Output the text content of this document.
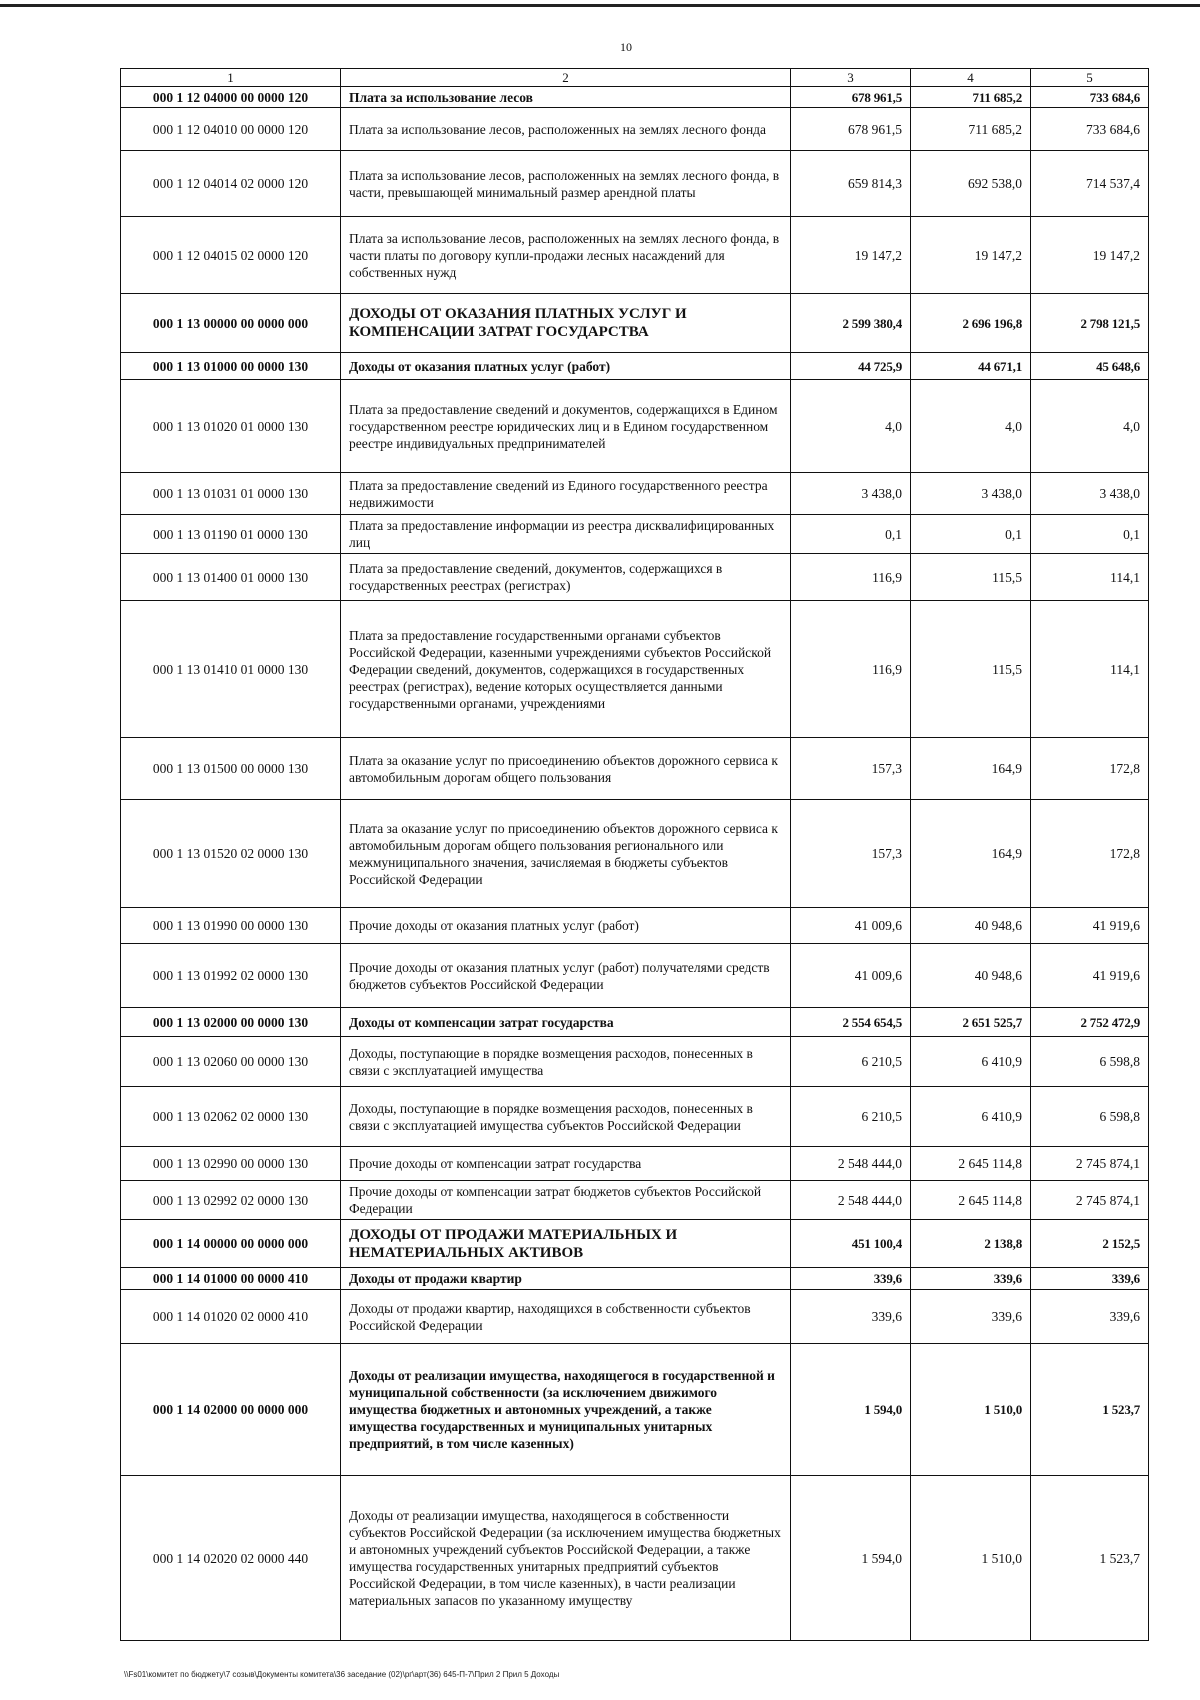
10
1	2	3	4	5
000 1 12 04000 00 0000 120	Плата за использование лесов	678 961,5	711 685,2	733 684,6
000 1 12 04010 00 0000 120	Плата за использование лесов, расположенных на землях лесного фонда	678 961,5	711 685,2	733 684,6
000 1 12 04014 02 0000 120	Плата за использование лесов, расположенных на землях лесного фонда, в части, превышающей минимальный размер арендной платы	659 814,3	692 538,0	714 537,4
000 1 12 04015 02 0000 120	Плата за использование лесов, расположенных на землях лесного фонда, в части платы по договору купли-продажи лесных насаждений для собственных нужд	19 147,2	19 147,2	19 147,2
000 1 13 00000 00 0000 000	ДОХОДЫ ОТ ОКАЗАНИЯ ПЛАТНЫХ УСЛУГ И КОМПЕНСАЦИИ ЗАТРАТ ГОСУДАРСТВА	2 599 380,4	2 696 196,8	2 798 121,5
000 1 13 01000 00 0000 130	Доходы от оказания платных услуг (работ)	44 725,9	44 671,1	45 648,6
000 1 13 01020 01 0000 130	Плата за предоставление сведений и документов, содержащихся в Едином государственном реестре юридических лиц и в Едином государственном реестре индивидуальных предпринимателей	4,0	4,0	4,0
000 1 13 01031 01 0000 130	Плата за предоставление сведений из Единого государственного реестра недвижимости	3 438,0	3 438,0	3 438,0
000 1 13 01190 01 0000 130	Плата за предоставление информации из реестра дисквалифицированных лиц	0,1	0,1	0,1
000 1 13 01400 01 0000 130	Плата за предоставление сведений, документов, содержащихся в государственных реестрах (регистрах)	116,9	115,5	114,1
000 1 13 01410 01 0000 130	Плата за предоставление государственными органами субъектов Российской Федерации, казенными учреждениями субъектов Российской Федерации сведений, документов, содержащихся в государственных реестрах (регистрах), ведение которых осуществляется данными государственными органами, учреждениями	116,9	115,5	114,1
000 1 13 01500 00 0000 130	Плата за оказание услуг по присоединению объектов дорожного сервиса к автомобильным дорогам общего пользования	157,3	164,9	172,8
000 1 13 01520 02 0000 130	Плата за оказание услуг по присоединению объектов дорожного сервиса к автомобильным дорогам общего пользования регионального или межмуниципального значения, зачисляемая в бюджеты субъектов Российской Федерации	157,3	164,9	172,8
000 1 13 01990 00 0000 130	Прочие доходы от оказания платных услуг (работ)	41 009,6	40 948,6	41 919,6
000 1 13 01992 02 0000 130	Прочие доходы от оказания платных услуг (работ) получателями средств бюджетов субъектов Российской Федерации	41 009,6	40 948,6	41 919,6
000 1 13 02000 00 0000 130	Доходы от компенсации затрат государства	2 554 654,5	2 651 525,7	2 752 472,9
000 1 13 02060 00 0000 130	Доходы, поступающие в порядке возмещения расходов, понесенных в связи с эксплуатацией имущества	6 210,5	6 410,9	6 598,8
000 1 13 02062 02 0000 130	Доходы, поступающие в порядке возмещения расходов, понесенных в связи с эксплуатацией имущества субъектов Российской Федерации	6 210,5	6 410,9	6 598,8
000 1 13 02990 00 0000 130	Прочие доходы от компенсации затрат государства	2 548 444,0	2 645 114,8	2 745 874,1
000 1 13 02992 02 0000 130	Прочие доходы от компенсации затрат бюджетов субъектов Российской Федерации	2 548 444,0	2 645 114,8	2 745 874,1
000 1 14 00000 00 0000 000	ДОХОДЫ ОТ ПРОДАЖИ МАТЕРИАЛЬНЫХ И НЕМАТЕРИАЛЬНЫХ АКТИВОВ	451 100,4	2 138,8	2 152,5
000 1 14 01000 00 0000 410	Доходы от продажи квартир	339,6	339,6	339,6
000 1 14 01020 02 0000 410	Доходы от продажи квартир, находящихся в собственности субъектов Российской Федерации	339,6	339,6	339,6
000 1 14 02000 00 0000 000	Доходы от реализации имущества, находящегося в государственной и муниципальной собственности (за исключением движимого имущества бюджетных и автономных учреждений, а также имущества государственных и муниципальных унитарных предприятий, в том числе казенных)	1 594,0	1 510,0	1 523,7
000 1 14 02020 02 0000 440	Доходы от реализации имущества, находящегося в собственности субъектов Российской Федерации (за исключением имущества бюджетных и автономных учреждений субъектов Российской Федерации, а также имущества государственных унитарных предприятий субъектов Российской Федерации, в том числе казенных), в части реализации материальных запасов по указанному имуществу	1 594,0	1 510,0	1 523,7
\\Fs01\комитет по бюджету\7 созыв\Документы комитета\36 заседание (02)\рг\арт(36) 645-П-7\Прил 2 Прил 5 Доходы
